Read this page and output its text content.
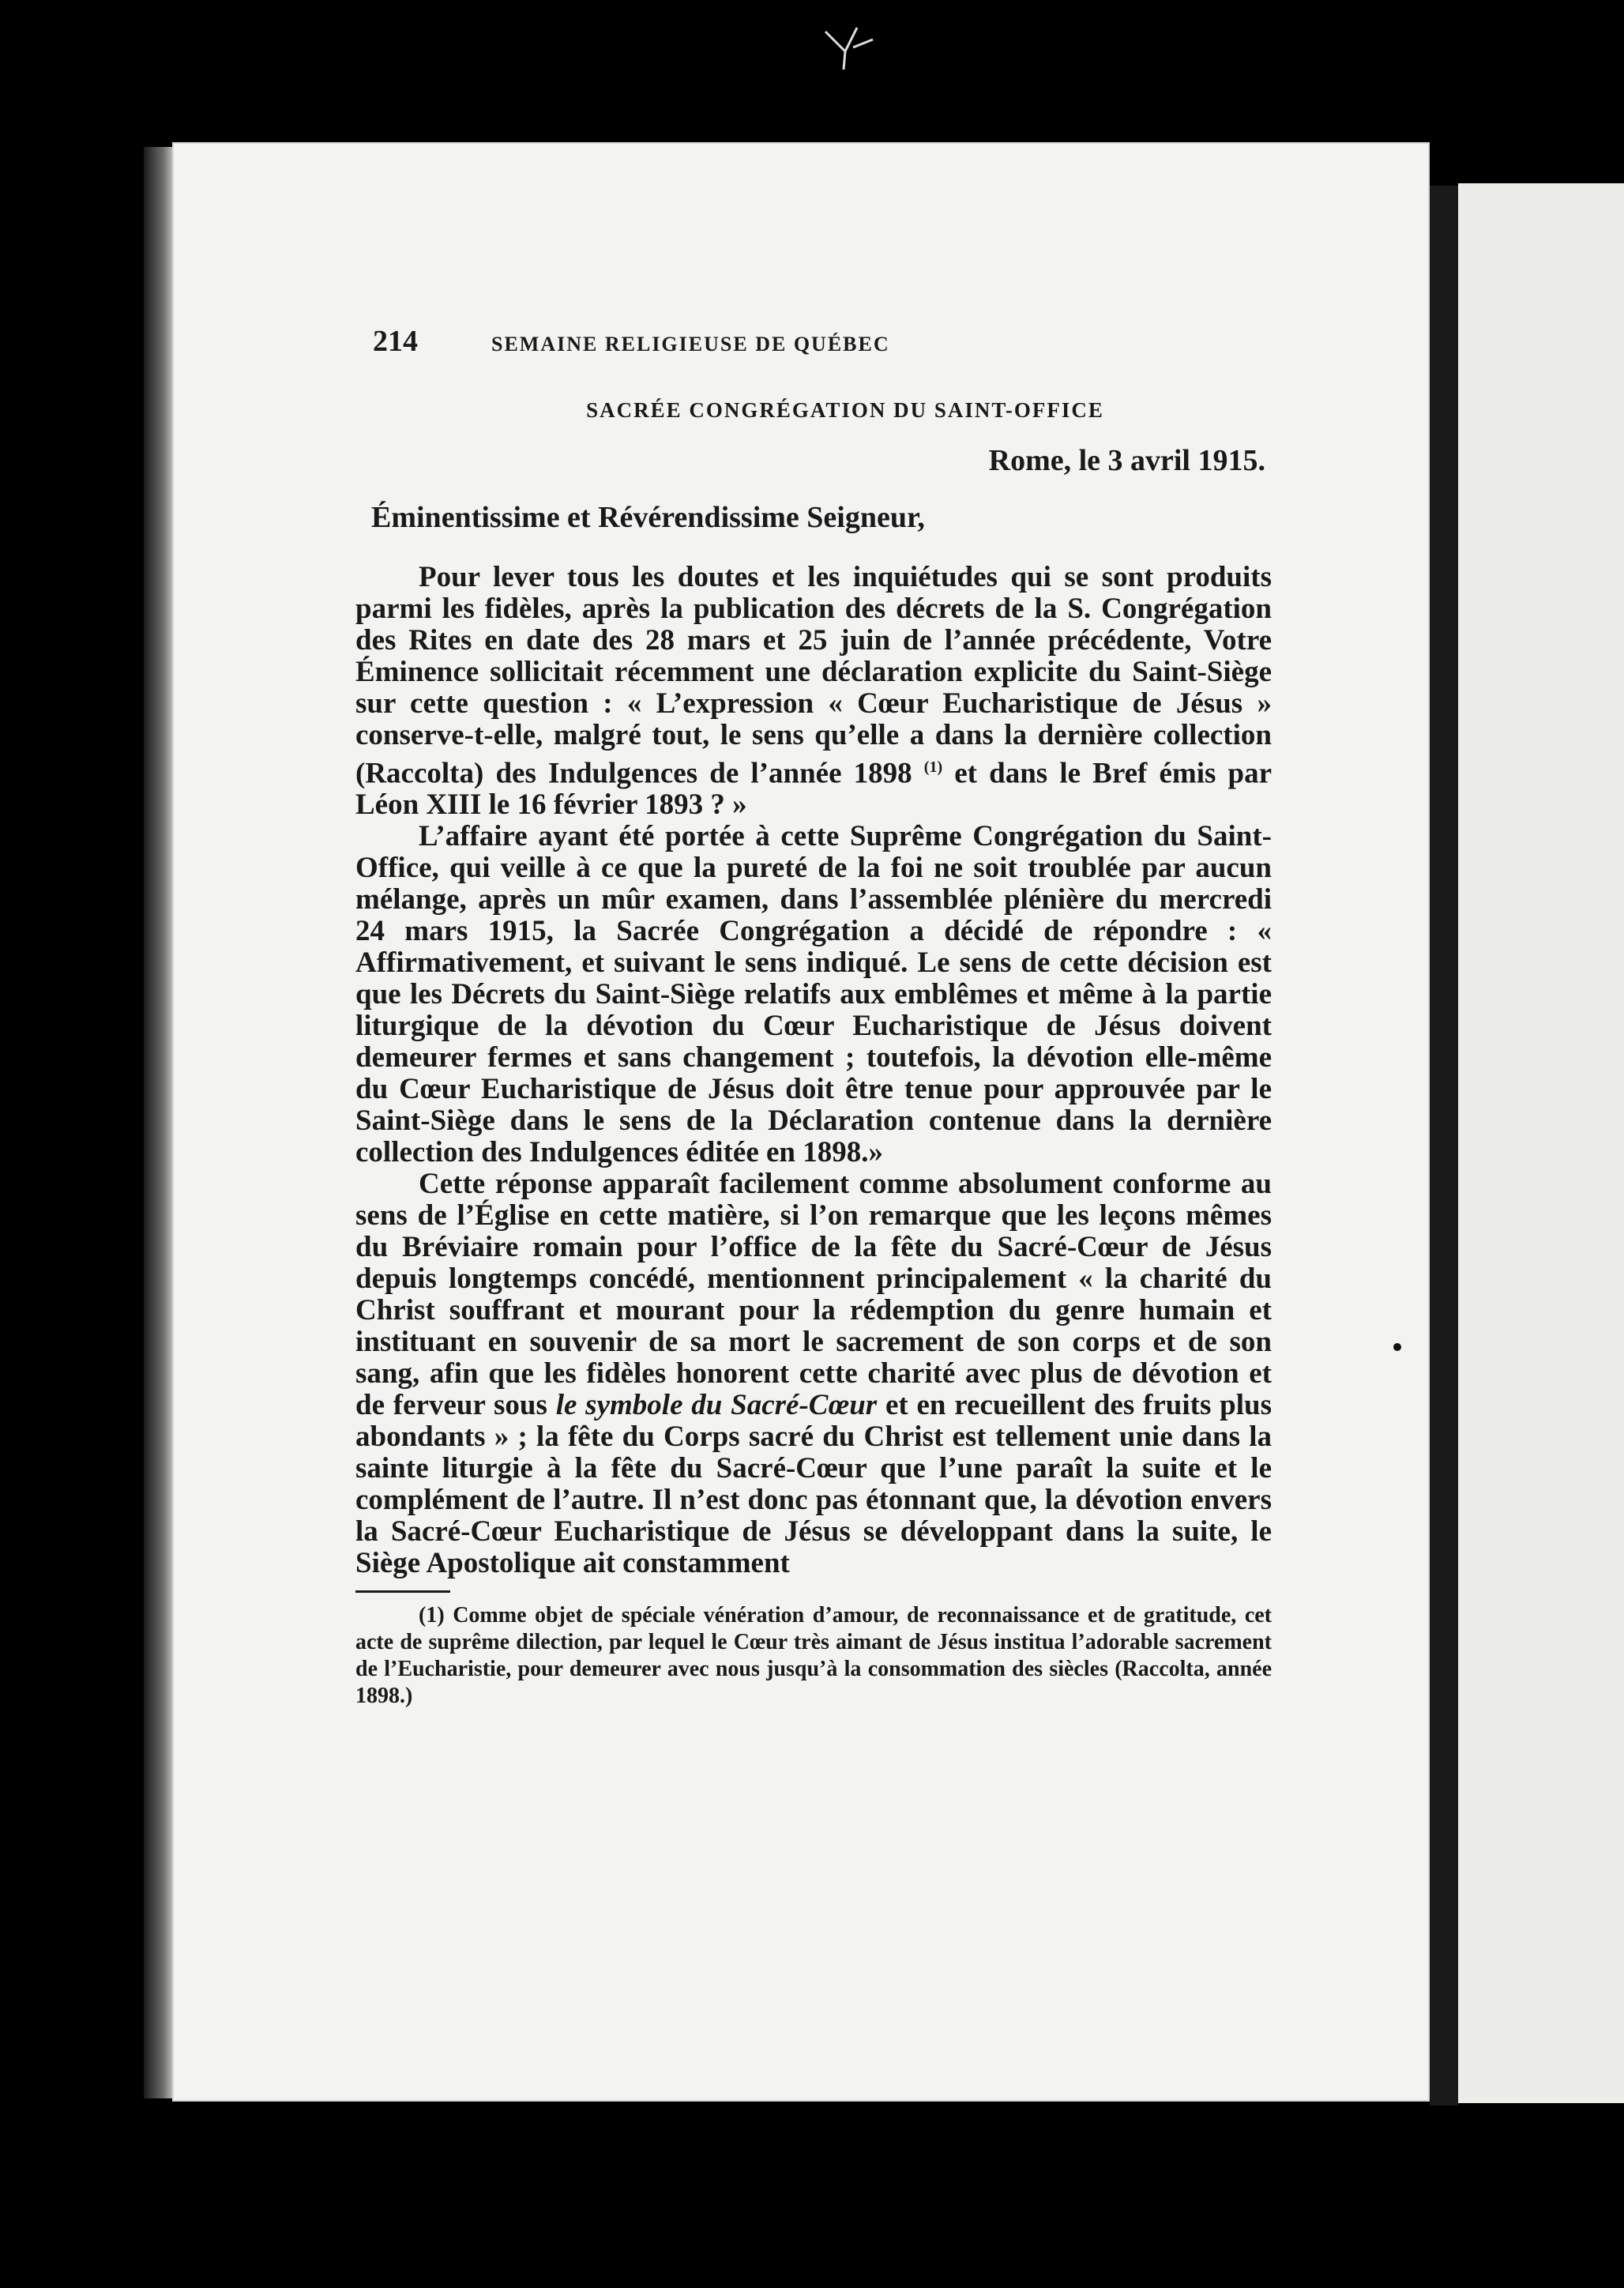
214	SEMAINE RELIGIEUSE DE QUÉBEC
SACRÉE CONGRÉGATION DU SAINT-OFFICE
Rome, le 3 avril 1915.
Éminentissime et Révérendissime Seigneur,

Pour lever tous les doutes et les inquiétudes qui se sont produits parmi les fidèles, après la publication des décrets de la S. Congrégation des Rites en date des 28 mars et 25 juin de l’année précédente, Votre Éminence sollicitait récemment une déclaration explicite du Saint-Siège sur cette question : « L’expression « Cœur Eucharistique de Jésus » conserve-t-elle, malgré tout, le sens qu’elle a dans la dernière collection (Raccolta) des Indulgences de l’année 1898 $^{(1)}$ et dans le Bref émis par Léon XIII le 16 février 1893 ? »

L’affaire ayant été portée à cette Suprême Congrégation du Saint-Office, qui veille à ce que la pureté de la foi ne soit troublée par aucun mélange, après un mûr examen, dans l’assemblée plénière du mercredi 24 mars 1915, la Sacrée Congrégation a décidé de répondre : « Affirmativement, et suivant le sens indiqué. Le sens de cette décision est que les Décrets du Saint-Siège relatifs aux emblêmes et même à la partie liturgique de la dévotion du Cœur Eucharistique de Jésus doivent demeurer fermes et sans changement ; toutefois, la dévotion elle-même du Cœur Eucharistique de Jésus doit être tenue pour approuvée par le Saint-Siège dans le sens de la Déclaration contenue dans la dernière collection des Indulgences éditée en 1898.»

Cette réponse apparaît facilement comme absolument conforme au sens de l’Église en cette matière, si l’on remarque que les leçons mêmes du Bréviaire romain pour l’office de la fête du Sacré-Cœur de Jésus depuis longtemps concédé, mentionnent principalement « la charité du Christ souffrant et mourant pour la rédemption du genre humain et instituant en souvenir de sa mort le sacrement de son corps et de son sang, afin que les fidèles honorent cette charité avec plus de dévotion et de ferveur sous le symbole du Sacré-Cœur et en recueillent des fruits plus abondants » ; la fête du Corps sacré du Christ est tellement unie dans la sainte liturgie à la fête du Sacré-Cœur que l’une paraît la suite et le complément de l’autre. Il n’est donc pas étonnant que, la dévotion envers la Sacré-Cœur Eucharistique de Jésus se développant dans la suite, le Siège Apostolique ait constamment

(1) Comme objet de spéciale vénération d’amour, de reconnaissance et de gratitude, cet acte de suprême dilection, par lequel le Cœur très aimant de Jésus institua l’adorable sacrement de l’Eucharistie, pour demeurer avec nous jusqu’à la consommation des siècles (Raccolta, année 1898.)
